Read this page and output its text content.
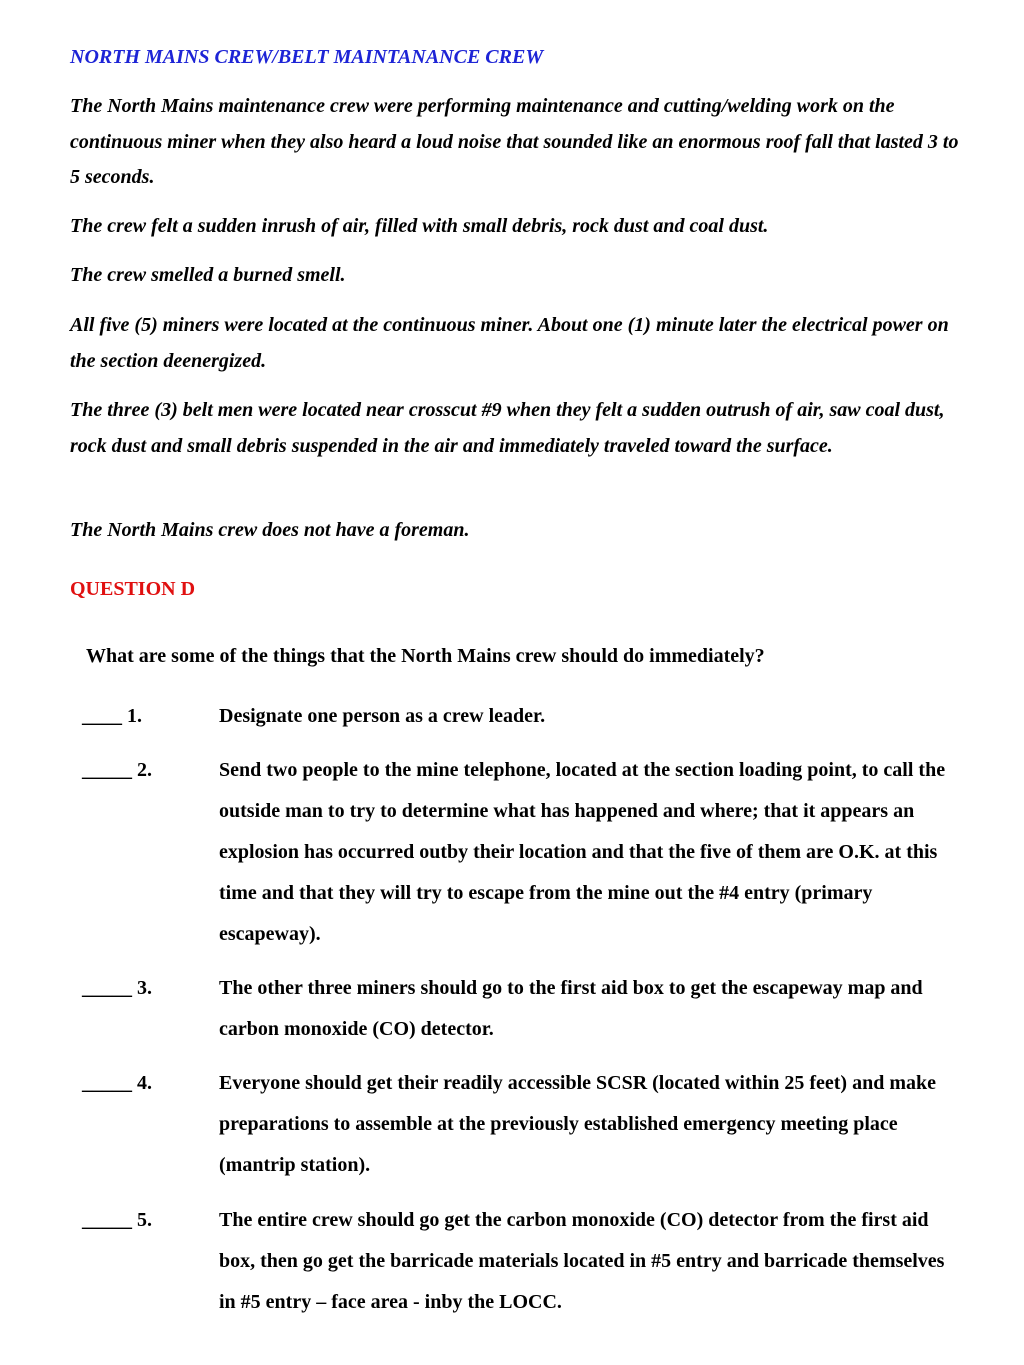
NORTH MAINS CREW/BELT MAINTANANCE CREW
The North Mains maintenance crew were performing maintenance and cutting/welding work on the continuous miner when they also heard a loud noise that sounded like an enormous roof fall that lasted 3 to 5 seconds.
The crew felt a sudden inrush of air, filled with small debris, rock dust and coal dust.
The crew smelled a burned smell.
All five (5) miners were located at the continuous miner. About one (1) minute later the electrical power on the section deenergized.
The three (3) belt men were located near crosscut #9 when they felt a sudden outrush of air, saw coal dust, rock dust and small debris suspended in the air and immediately traveled toward the surface.
The North Mains crew does not have a foreman.
QUESTION D
What are some of the things that the North Mains crew should do immediately?
____ 1.	Designate one person as a crew leader.
_____ 2.	Send two people to the mine telephone, located at the section loading point, to call the outside man to try to determine what has happened and where; that it appears an explosion has occurred outby their location and that the five of them are O.K. at this time and that they will try to escape from the mine out the #4 entry (primary escapeway).
_____ 3.	The other three miners should go to the first aid box to get the escapeway map and carbon monoxide (CO) detector.
_____ 4.	Everyone should get their readily accessible SCSR (located within 25 feet) and make preparations to assemble at the previously established emergency meeting place (mantrip station).
_____ 5.	The entire crew should go get the carbon monoxide (CO) detector from the first aid box, then go get the barricade materials located in #5 entry and barricade themselves in #5 entry – face area - inby the LOCC.
